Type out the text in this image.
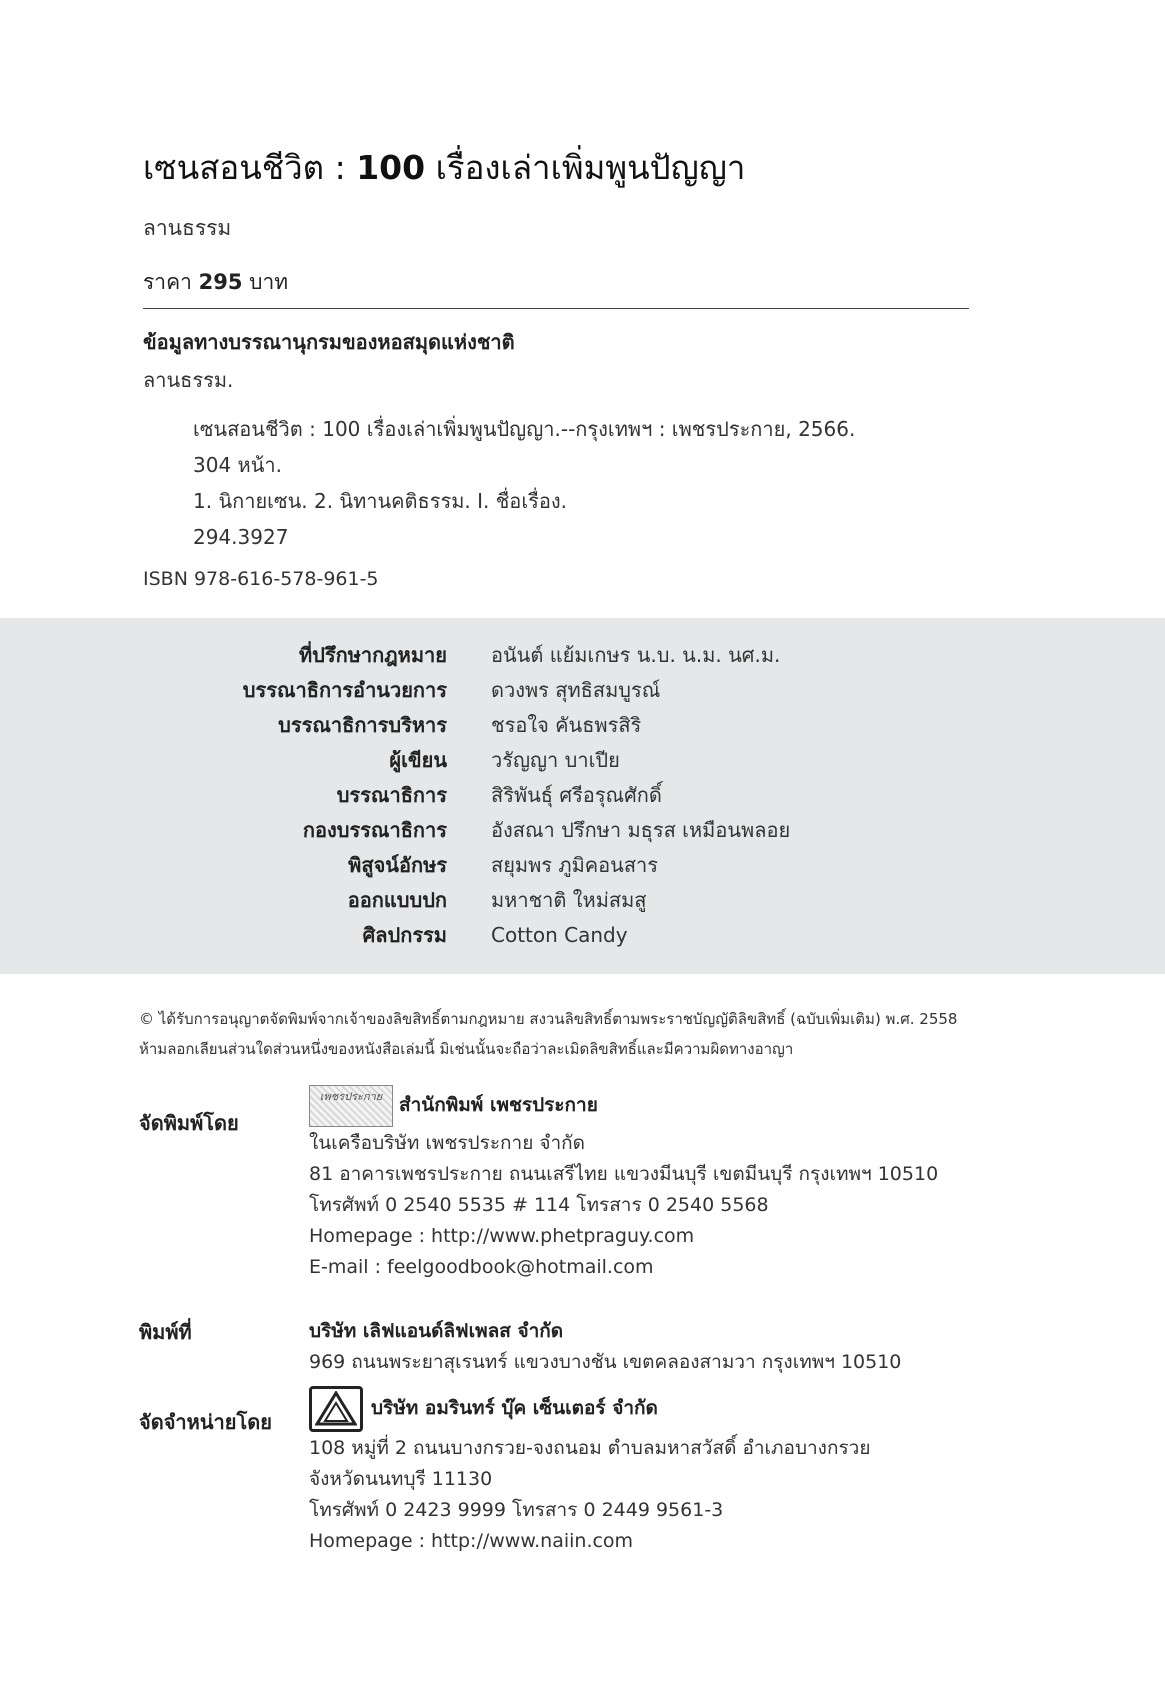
เซนสอนชีวิต : 100 เรื่องเล่าเพิ่มพูนปัญญา
ลานธรรม
ราคา 295 บาท
ข้อมูลทางบรรณานุกรมของหอสมุดแห่งชาติ
ลานธรรม.
เซนสอนชีวิต : 100 เรื่องเล่าเพิ่มพูนปัญญา.--กรุงเทพฯ : เพชรประกาย, 2566.
304 หน้า.
1. นิกายเซน. 2. นิทานคติธรรม. I. ชื่อเรื่อง.
294.3927
ISBN 978-616-578-961-5
ที่ปรึกษากฎหมาย อนันต์ แย้มเกษร น.บ. น.ม. นศ.ม.
บรรณาธิการอำนวยการ ดวงพร สุทธิสมบูรณ์
บรรณาธิการบริหาร ชรอใจ คันธพรสิริ
ผู้เขียน วรัญญา บาเปีย
บรรณาธิการ สิริพันธุ์ ศรีอรุณศักดิ์
กองบรรณาธิการ อังสณา ปรึกษา มธุรส เหมือนพลอย
พิสูจน์อักษร สยุมพร ภูมิคอนสาร
ออกแบบปก มหาชาติ ใหม่สมสู
ศิลปกรรม Cotton Candy
© ได้รับการอนุญาตจัดพิมพ์จากเจ้าของลิขสิทธิ์ตามกฎหมาย สงวนลิขสิทธิ์ตามพระราชบัญญัติลิขสิทธิ์ (ฉบับเพิ่มเติม) พ.ศ. 2558
ห้ามลอกเลียนส่วนใดส่วนหนึ่งของหนังสือเล่มนี้ มิเช่นนั้นจะถือว่าละเมิดลิขสิทธิ์และมีความผิดทางอาญา
จัดพิมพ์โดย
เพชรประกาย สำนักพิมพ์ เพชรประกาย
ในเครือบริษัท เพชรประกาย จำกัด
81 อาคารเพชรประกาย ถนนเสรีไทย แขวงมีนบุรี เขตมีนบุรี กรุงเทพฯ 10510
โทรศัพท์ 0 2540 5535 # 114 โทรสาร 0 2540 5568
Homepage : http://www.phetpraguy.com
E-mail : feelgoodbook@hotmail.com
พิมพ์ที่	บริษัท เลิฟแอนด์ลิฟเพลส จำกัด
969 ถนนพระยาสุเรนทร์ แขวงบางชัน เขตคลองสามวา กรุงเทพฯ 10510
จัดจำหน่ายโดย
บริษัท อมรินทร์ บุ๊ค เซ็นเตอร์ จำกัด
108 หมู่ที่ 2 ถนนบางกรวย-จงถนอม ตำบลมหาสวัสดิ์ อำเภอบางกรวย
จังหวัดนนทบุรี 11130
โทรศัพท์ 0 2423 9999 โทรสาร 0 2449 9561-3
Homepage : http://www.naiin.com
